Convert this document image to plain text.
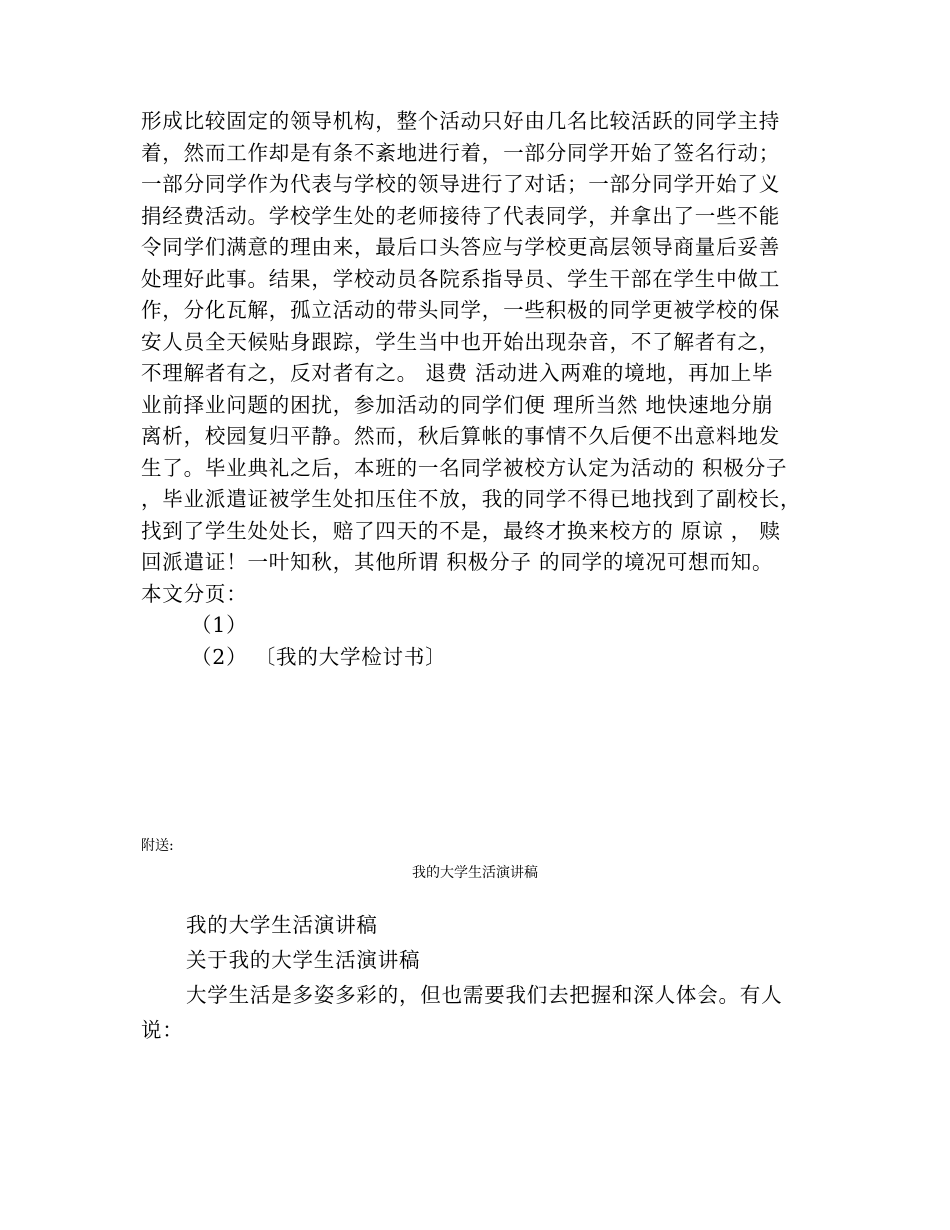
形成比较固定的领导机构，整个活动只好由几名比较活跃的同学主持
着，然而工作却是有条不紊地进行着，一部分同学开始了签名行动；
一部分同学作为代表与学校的领导进行了对话；一部分同学开始了义
捐经费活动。学校学生处的老师接待了代表同学，并拿出了一些不能
令同学们满意的理由来，最后口头答应与学校更高层领导商量后妥善
处理好此事。结果，学校动员各院系指导员、学生干部在学生中做工
作，分化瓦解，孤立活动的带头同学，一些积极的同学更被学校的保
安人员全天候贴身跟踪，学生当中也开始出现杂音，不了解者有之，
不理解者有之，反对者有之。 退费 活动进入两难的境地，再加上毕
业前择业问题的困扰，参加活动的同学们便 理所当然 地快速地分崩
离析，校园复归平静。然而，秋后算帐的事情不久后便不出意料地发
生了。毕业典礼之后，本班的一名同学被校方认定为活动的 积极分子
，毕业派遣证被学生处扣压住不放，我的同学不得已地找到了副校长，
找到了学生处处长，赔了四天的不是，最终才换来校方的 原谅 ， 赎
回派遣证！一叶知秋，其他所谓 积极分子 的同学的境况可想而知。
本文分页：
（1）
（2） 〔我的大学检讨书〕
附送:
我的大学生活演讲稿
我的大学生活演讲稿
关于我的大学生活演讲稿
大学生活是多姿多彩的，但也需要我们去把握和深人体会。有人
说：
